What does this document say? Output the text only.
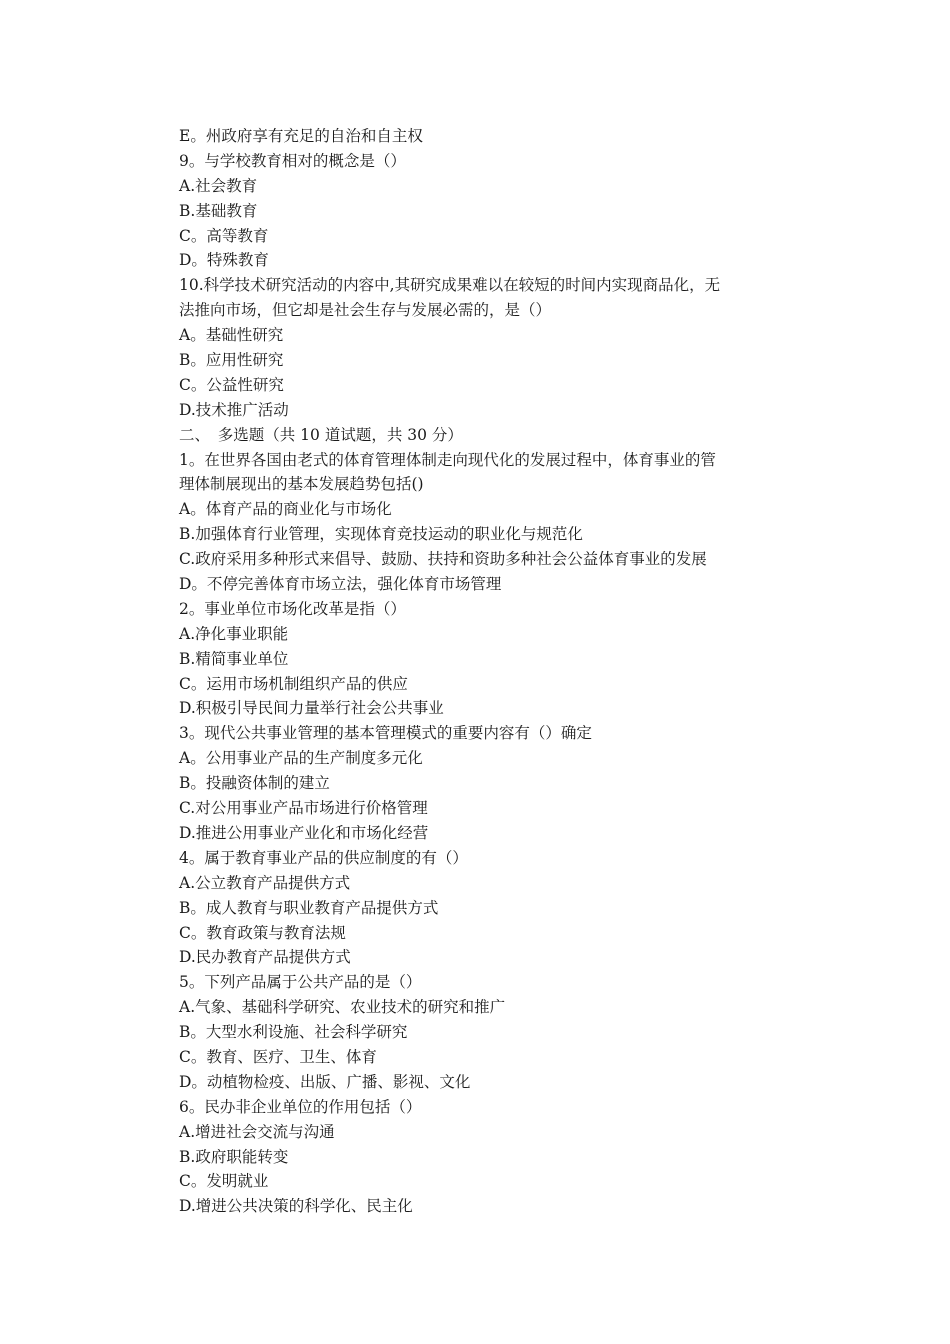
E。州政府享有充足的自治和自主权
9。与学校教育相对的概念是（）
A.社会教育
B.基础教育
C。高等教育
D。特殊教育
10.科学技术研究活动的内容中,其研究成果难以在较短的时间内实现商品化，无
法推向市场，但它却是社会生存与发展必需的，是（）
A。基础性研究
B。应用性研究
C。公益性研究
D.技术推广活动
二、　多选题（共 10 道试题，共 30 分）
1。在世界各国由老式的体育管理体制走向现代化的发展过程中，体育事业的管
理体制展现出的基本发展趋势包括()
A。体育产品的商业化与市场化
B.加强体育行业管理，实现体育竞技运动的职业化与规范化
C.政府采用多种形式来倡导、鼓励、扶持和资助多种社会公益体育事业的发展
D。不停完善体育市场立法，强化体育市场管理
2。事业单位市场化改革是指（）
A.净化事业职能
B.精简事业单位
C。运用市场机制组织产品的供应
D.积极引导民间力量举行社会公共事业
3。现代公共事业管理的基本管理模式的重要内容有（）确定
A。公用事业产品的生产制度多元化
B。投融资体制的建立
C.对公用事业产品市场进行价格管理
D.推进公用事业产业化和市场化经营
4。属于教育事业产品的供应制度的有（）
A.公立教育产品提供方式
B。成人教育与职业教育产品提供方式
C。教育政策与教育法规
D.民办教育产品提供方式
5。下列产品属于公共产品的是（）
A.气象、基础科学研究、农业技术的研究和推广
B。大型水利设施、社会科学研究
C。教育、医疗、卫生、体育
D。动植物检疫、出版、广播、影视、文化
6。民办非企业单位的作用包括（）
A.增进社会交流与沟通
B.政府职能转变
C。发明就业
D.增进公共决策的科学化、民主化
